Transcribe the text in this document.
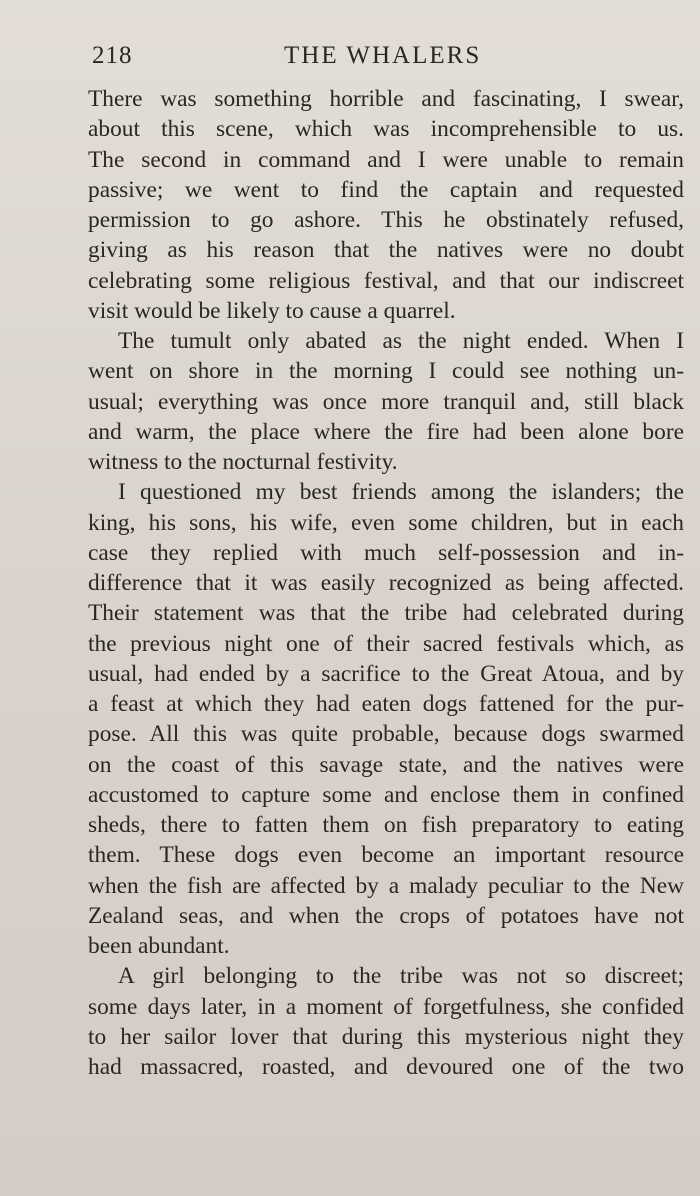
218	THE WHALERS

There was something horrible and fascinating, I swear,

about this scene, which was incomprehensible to us.

The second in command and I were unable to remain

passive; we went to find the captain and requested

permission to go ashore. This he obstinately refused,

giving as his reason that the natives were no doubt

celebrating some religious festival, and that our indiscreet

visit would be likely to cause a quarrel.

The tumult only abated as the night ended. When I

went on shore in the morning I could see nothing un-

usual; everything was once more tranquil and, still black

and warm, the place where the fire had been alone bore

witness to the nocturnal festivity.

I questioned my best friends among the islanders; the

king, his sons, his wife, even some children, but in each

case they replied with much self-possession and in-

difference that it was easily recognized as being affected.

Their statement was that the tribe had celebrated during

the previous night one of their sacred festivals which, as

usual, had ended by a sacrifice to the Great Atoua, and by

a feast at which they had eaten dogs fattened for the pur-

pose. All this was quite probable, because dogs swarmed

on the coast of this savage state, and the natives were

accustomed to capture some and enclose them in confined

sheds, there to fatten them on fish preparatory to eating

them. These dogs even become an important resource

when the fish are affected by a malady peculiar to the New

Zealand seas, and when the crops of potatoes have not

been abundant.

A girl belonging to the tribe was not so discreet;

some days later, in a moment of forgetfulness, she confided

to her sailor lover that during this mysterious night they

had massacred, roasted, and devoured one of the two
